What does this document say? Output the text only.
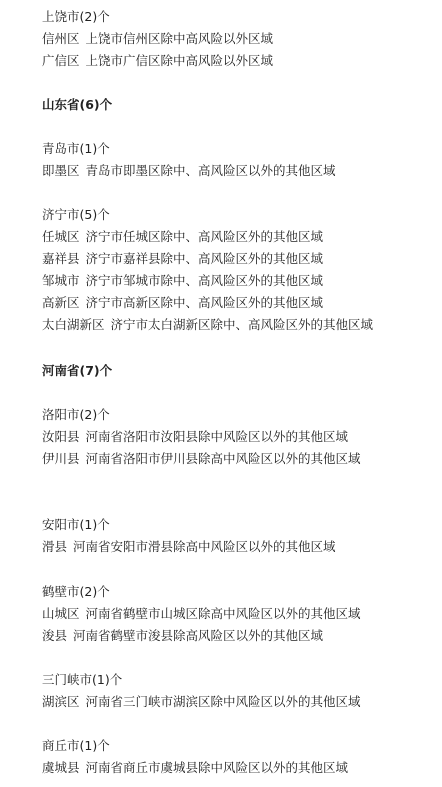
上饶市(2)个
信州区 上饶市信州区除中高风险以外区域
广信区 上饶市广信区除中高风险以外区域
山东省(6)个
青岛市(1)个
即墨区 青岛市即墨区除中、高风险区以外的其他区域
济宁市(5)个
任城区 济宁市任城区除中、高风险区外的其他区域
嘉祥县 济宁市嘉祥县除中、高风险区外的其他区域
邹城市 济宁市邹城市除中、高风险区外的其他区域
高新区 济宁市高新区除中、高风险区外的其他区域
太白湖新区 济宁市太白湖新区除中、高风险区外的其他区域
河南省(7)个
洛阳市(2)个
汝阳县 河南省洛阳市汝阳县除中风险区以外的其他区域
伊川县 河南省洛阳市伊川县除高中风险区以外的其他区域
安阳市(1)个
滑县 河南省安阳市滑县除高中风险区以外的其他区域
鹤壁市(2)个
山城区 河南省鹤壁市山城区除高中风险区以外的其他区域
浚县 河南省鹤壁市浚县除高风险区以外的其他区域
三门峡市(1)个
湖滨区 河南省三门峡市湖滨区除中风险区以外的其他区域
商丘市(1)个
虞城县 河南省商丘市虞城县除中风险区以外的其他区域
